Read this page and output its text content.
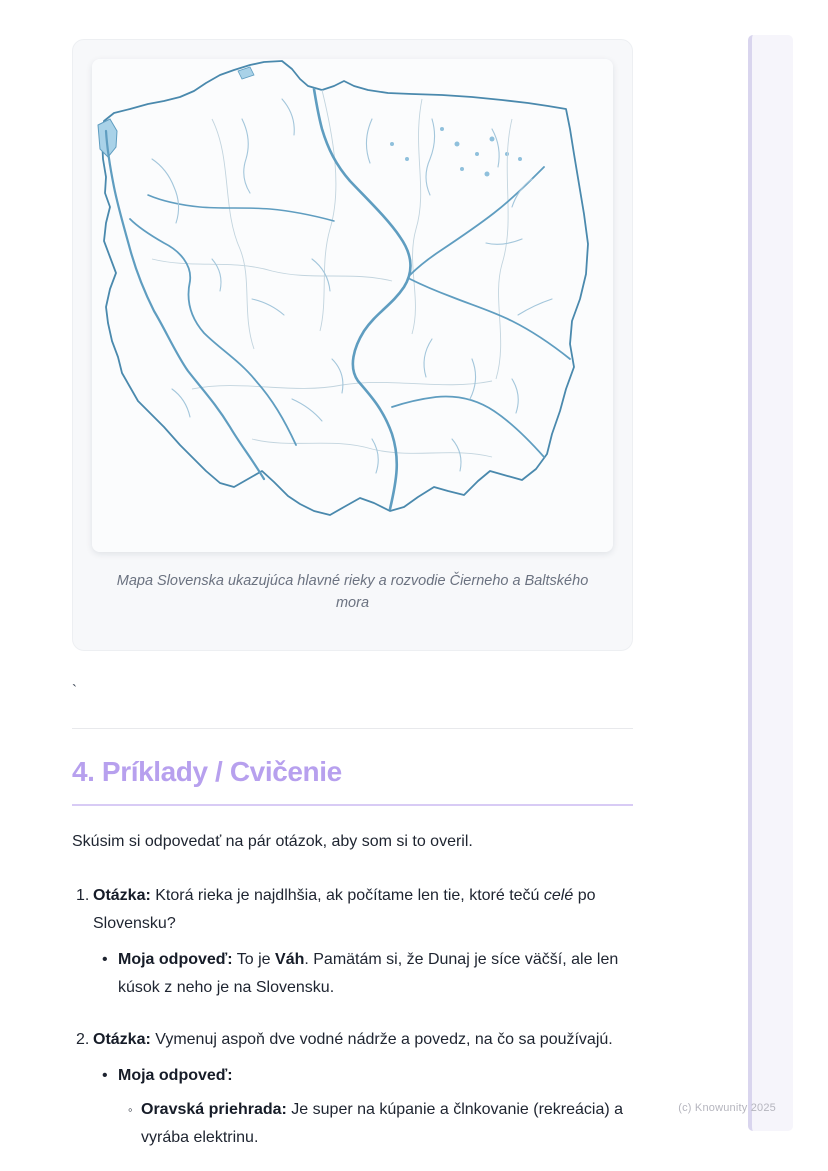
Mapa Slovenska ukazujúca hlavné rieky a rozvodie Čierneho a Baltského mora

`

4. Príklady / Cvičenie

Skúsim si odpovedať na pár otázok, aby som si to overil.

1. Otázka: Ktorá rieka je najdlhšia, ak počítame len tie, ktoré tečú celé po Slovensku?
• Moja odpoveď: To je Váh. Pamätám si, že Dunaj je síce väčší, ale len kúsok z neho je na Slovensku.
2. Otázka: Vymenuj aspoň dve vodné nádrže a povedz, na čo sa používajú.
• Moja odpoveď:
◦ Oravská priehrada: Je super na kúpanie a člnkovanie (rekreácia) a vyrába elektrinu.
(c) Knowunity 2025
